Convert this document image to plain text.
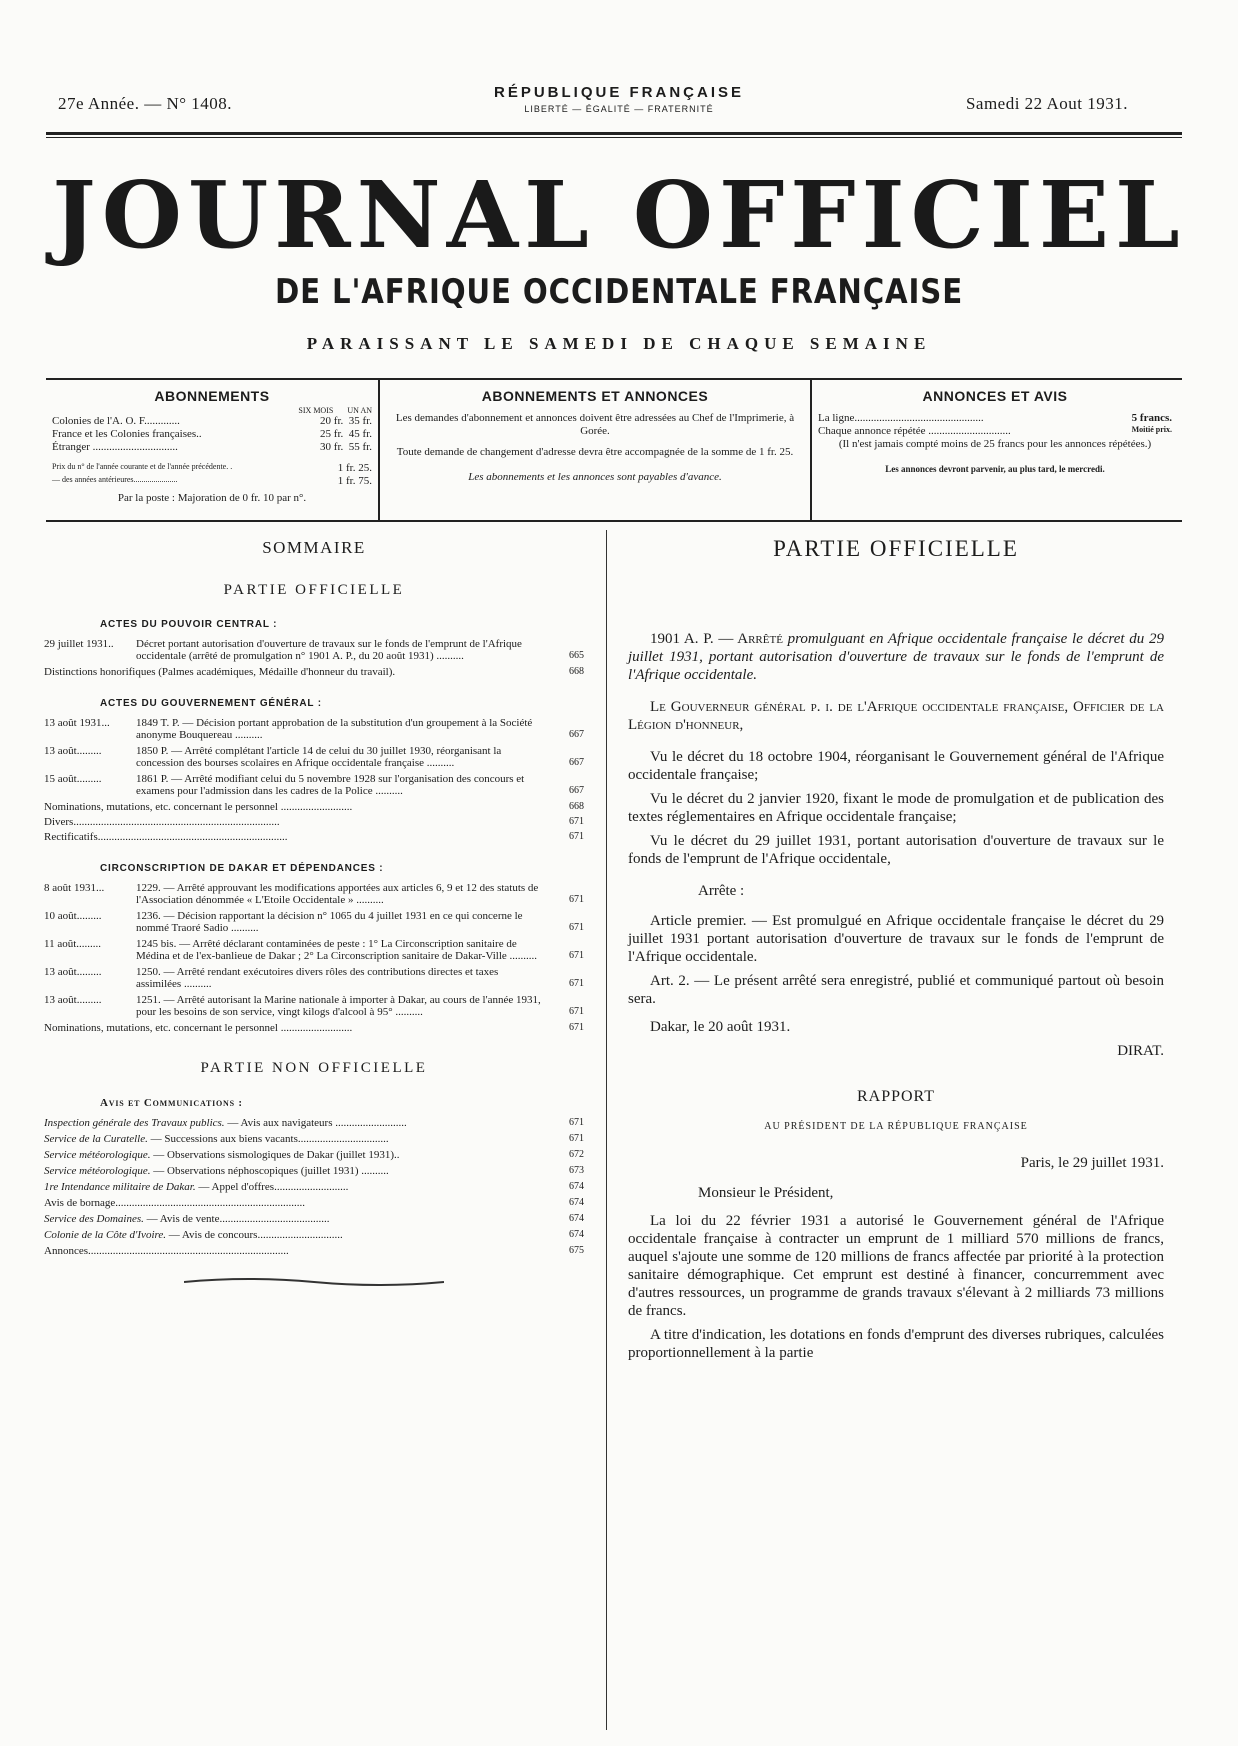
27e Année. — N° 1408.
RÉPUBLIQUE FRANÇAISE
LIBERTÉ — ÉGALITÉ — FRATERNITÉ	Samedi 22 Aout 1931.
JOURNAL OFFICIEL
DE L'AFRIQUE OCCIDENTALE FRANÇAISE
PARAISSANT LE SAMEDI DE CHAQUE SEMAINE
ABONNEMENTS
SIX MOIS UN AN
Colonies de l'A. O. F.............	20 fr. 35 fr.
France et les Colonies françaises..	25 fr. 45 fr.
Étranger ...............................	30 fr. 55 fr.
Prix du n° de l'année courante et de l'année précédente. .	1 fr. 25.
— des années antérieures......................	1 fr. 75.
Par la poste : Majoration de 0 fr. 10 par n°.
ABONNEMENTS ET ANNONCES
Les demandes d'abonnement et annonces doivent être adressées au Chef de l'Imprimerie, à Gorée.
Toute demande de changement d'adresse devra être accompagnée de la somme de 1 fr. 25.
Les abonnements et les annonces sont payables d'avance.
ANNONCES ET AVIS
La ligne...............................................	5 francs.
Chaque annonce répétée ..............................	Moitié prix.
(Il n'est jamais compté moins de 25 francs pour les annonces répétées.)
Les annonces devront parvenir, au plus tard, le mercredi.
SOMMAIRE
PARTIE OFFICIELLE
ACTES DU POUVOIR CENTRAL :
29 juillet 1931..	Décret portant autorisation d'ouverture de travaux sur le fonds de l'emprunt de l'Afrique occidentale (arrêté de promulgation n° 1901 A. P., du 20 août 1931) ..........	665
Distinctions honorifiques (Palmes académiques, Médaille d'honneur du travail).	668
ACTES DU GOUVERNEMENT GÉNÉRAL :
13 août 1931...	1849 T. P. — Décision portant approbation de la substitution d'un groupement à la Société anonyme Bouquereau ..........	667
13 août.........	1850 P. — Arrêté complétant l'article 14 de celui du 30 juillet 1930, réorganisant la concession des bourses scolaires en Afrique occidentale française ..........	667
15 août.........	1861 P. — Arrêté modifiant celui du 5 novembre 1928 sur l'organisation des concours et examens pour l'admission dans les cadres de la Police ..........	667
Nominations, mutations, etc. concernant le personnel ..........................	668
Divers...........................................................................	671
Rectificatifs.....................................................................	671
CIRCONSCRIPTION DE DAKAR ET DÉPENDANCES :
8 août 1931...	1229. — Arrêté approuvant les modifications apportées aux articles 6, 9 et 12 des statuts de l'Association dénommée « L'Etoile Occidentale » ..........	671
10 août.........	1236. — Décision rapportant la décision n° 1065 du 4 juillet 1931 en ce qui concerne le nommé Traoré Sadio ..........	671
11 août.........	1245 bis. — Arrêté déclarant contaminées de peste : 1° La Circonscription sanitaire de Médina et de l'ex-banlieue de Dakar ; 2° La Circonscription sanitaire de Dakar-Ville ..........	671
13 août.........	1250. — Arrêté rendant exécutoires divers rôles des contributions directes et taxes assimilées ..........	671
13 août.........	1251. — Arrêté autorisant la Marine nationale à importer à Dakar, au cours de l'année 1931, pour les besoins de son service, vingt kilogs d'alcool à 95° ..........	671
Nominations, mutations, etc. concernant le personnel ..........................	671
PARTIE NON OFFICIELLE
Avis et Communications :
Inspection générale des Travaux publics. — Avis aux navigateurs ..........................	671
Service de la Curatelle. — Successions aux biens vacants.................................	671
Service météorologique. — Observations sismologiques de Dakar (juillet 1931)..	672
Service météorologique. — Observations néphoscopiques (juillet 1931) ..........	673
1re Intendance militaire de Dakar. — Appel d'offres...........................	674
Avis de bornage.....................................................................	674
Service des Domaines. — Avis de vente........................................	674
Colonie de la Côte d'Ivoire. — Avis de concours...............................	674
Annonces.........................................................................	675
PARTIE OFFICIELLE
1901 A. P. — Arrêté promulguant en Afrique occidentale française le décret du 29 juillet 1931, portant autorisation d'ouverture de travaux sur le fonds de l'emprunt de l'Afrique occidentale.

Le Gouverneur général p. i. de l'Afrique occidentale française, Officier de la Légion d'honneur,

Vu le décret du 18 octobre 1904, réorganisant le Gouvernement général de l'Afrique occidentale française;

Vu le décret du 2 janvier 1920, fixant le mode de promulgation et de publication des textes réglementaires en Afrique occidentale française;

Vu le décret du 29 juillet 1931, portant autorisation d'ouverture de travaux sur le fonds de l'emprunt de l'Afrique occidentale,

Arrête :

Article premier. — Est promulgué en Afrique occidentale française le décret du 29 juillet 1931 portant autorisation d'ouverture de travaux sur le fonds de l'emprunt de l'Afrique occidentale.

Art. 2. — Le présent arrêté sera enregistré, publié et communiqué partout où besoin sera.

Dakar, le 20 août 1931.

DIRAT.

RAPPORT
AU PRÉSIDENT DE LA RÉPUBLIQUE FRANÇAISE

Paris, le 29 juillet 1931.

Monsieur le Président,

La loi du 22 février 1931 a autorisé le Gouvernement général de l'Afrique occidentale française à contracter un emprunt de 1 milliard 570 millions de francs, auquel s'ajoute une somme de 120 millions de francs affectée par priorité à la protection sanitaire démographique. Cet emprunt est destiné à financer, concurremment avec d'autres ressources, un programme de grands travaux s'élevant à 2 milliards 73 millions de francs.

A titre d'indication, les dotations en fonds d'emprunt des diverses rubriques, calculées proportionnellement à la partie
